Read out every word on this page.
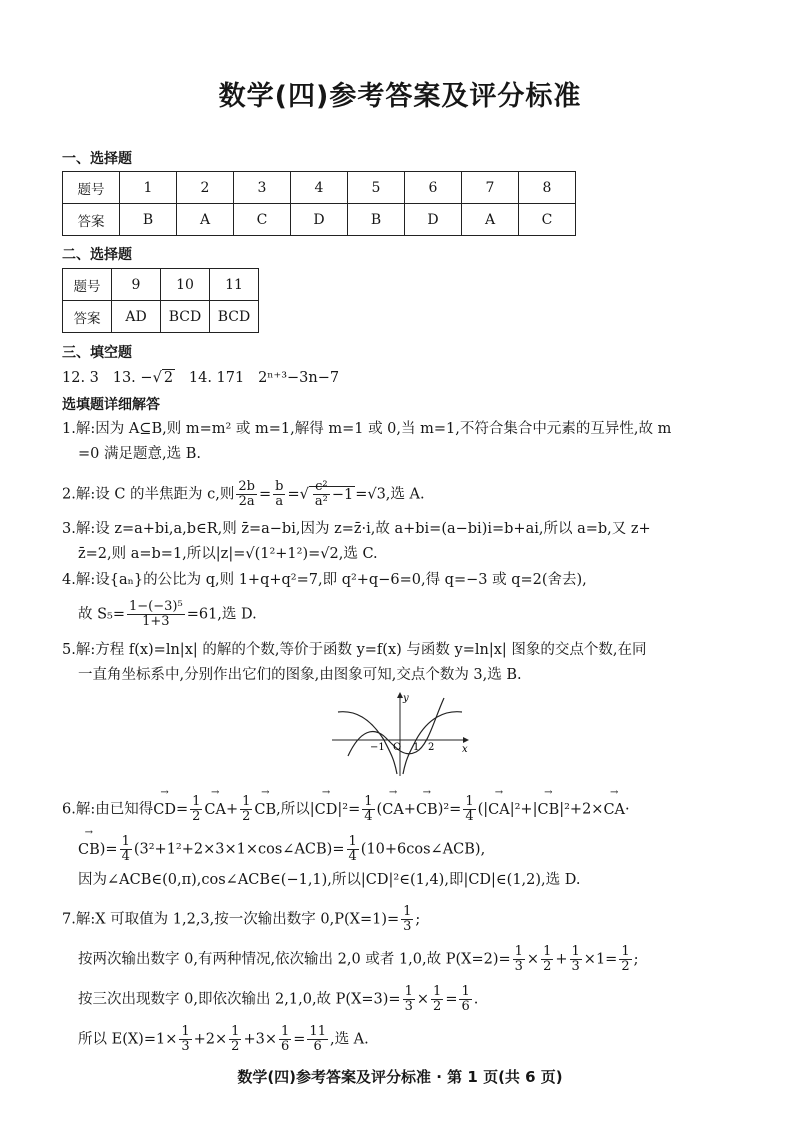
数学(四)参考答案及评分标准
一、选择题
题号	1	2	3	4	5	6	7	8
答案	B	A	C	D	B	D	A	C
二、选择题
题号	9	10	11
答案	AD	BCD	BCD
三、填空题
12. 3 13. −√ 2 14. 171 2ⁿ⁺³−3n−7
选填题详细解答
1.解:因为 A⊆B,则 m=m² 或 m=1,解得 m=1 或 0,当 m=1,不符合集合中元素的互异性,故 m
=0 满足题意,选 B.
2.解:设 C 的半焦距为 c,则 $\frac{2b}{2a} = \frac{b}{a}$ =√ $\frac{\text{c²}}{\text{a²}} -1 =√3$,选 A.
3.解:设 z=a+bi,a,b∈R,则 z̄=a−bi,因为 z=z̄·i,故 a+bi=(a−bi)i=b+ai,所以 a=b,又 z+
z̄=2,则 a=b=1,所以|z|=√(1²+1²)=√2,选 C.
4.解:设{aₙ}的公比为 q,则 1+q+q²=7,即 q²+q−6=0,得 q=−3 或 q=2(舍去),
故 $S_5= \frac{\text{1−(−3)⁵}}{1+3} =61$,选 D.
5.解:方程 f(x)=ln|x| 的解的个数,等价于函数 y=f(x) 与函数 y=ln|x| 图象的交点个数,在同
一直角坐标系中,分别作出它们的图象,由图象可知,交点个数为 3,选 B.
y
x
O
−1	1 2
6.解:由已知得→ $CD= \frac{1}{2} \to CA+ \frac{1}{2}$ → CB,所以|→ $CD|^2= \frac{1}{4}$ (→ $CA+\to CB)^2= \frac{1}{4}$ (|→ CA|²+|→ CB|²+2×→ CA·
→ $CB)= \frac{1}{4}$ (3²+1²+2×3×1×cos∠ACB)= $\frac{1}{4}$ (10+6cos∠ACB),
因为∠ACB∈(0,π),cos∠ACB∈(−1,1),所以|CD|²∈(1,4),即|CD|∈(1,2),选 D.
7.解:X 可取值为 1,2,3,按一次输出数字 $0,P(X=1)= \frac{1}{3}$ ;
按两次输出数字 0,有两种情况,依次输出 2,0 或者 1,0,故 $P(X=2)= \frac{1}{3} \times \frac{1}{2} + \frac{1}{3} \times 1= \frac{1}{2}$ ;
按三次出现数字 0,即依次输出 2,1,0,故 $P(X=3)= \frac{1}{3} \times \frac{1}{2} = \frac{1}{6}$ .
所以 $E(X)=1\times \frac{1}{3} +2\times \frac{1}{2} +3\times \frac{1}{6} = \frac{11}{6}$ ,选 A.
数学(四)参考答案及评分标准 · 第 1 页(共 6 页)
